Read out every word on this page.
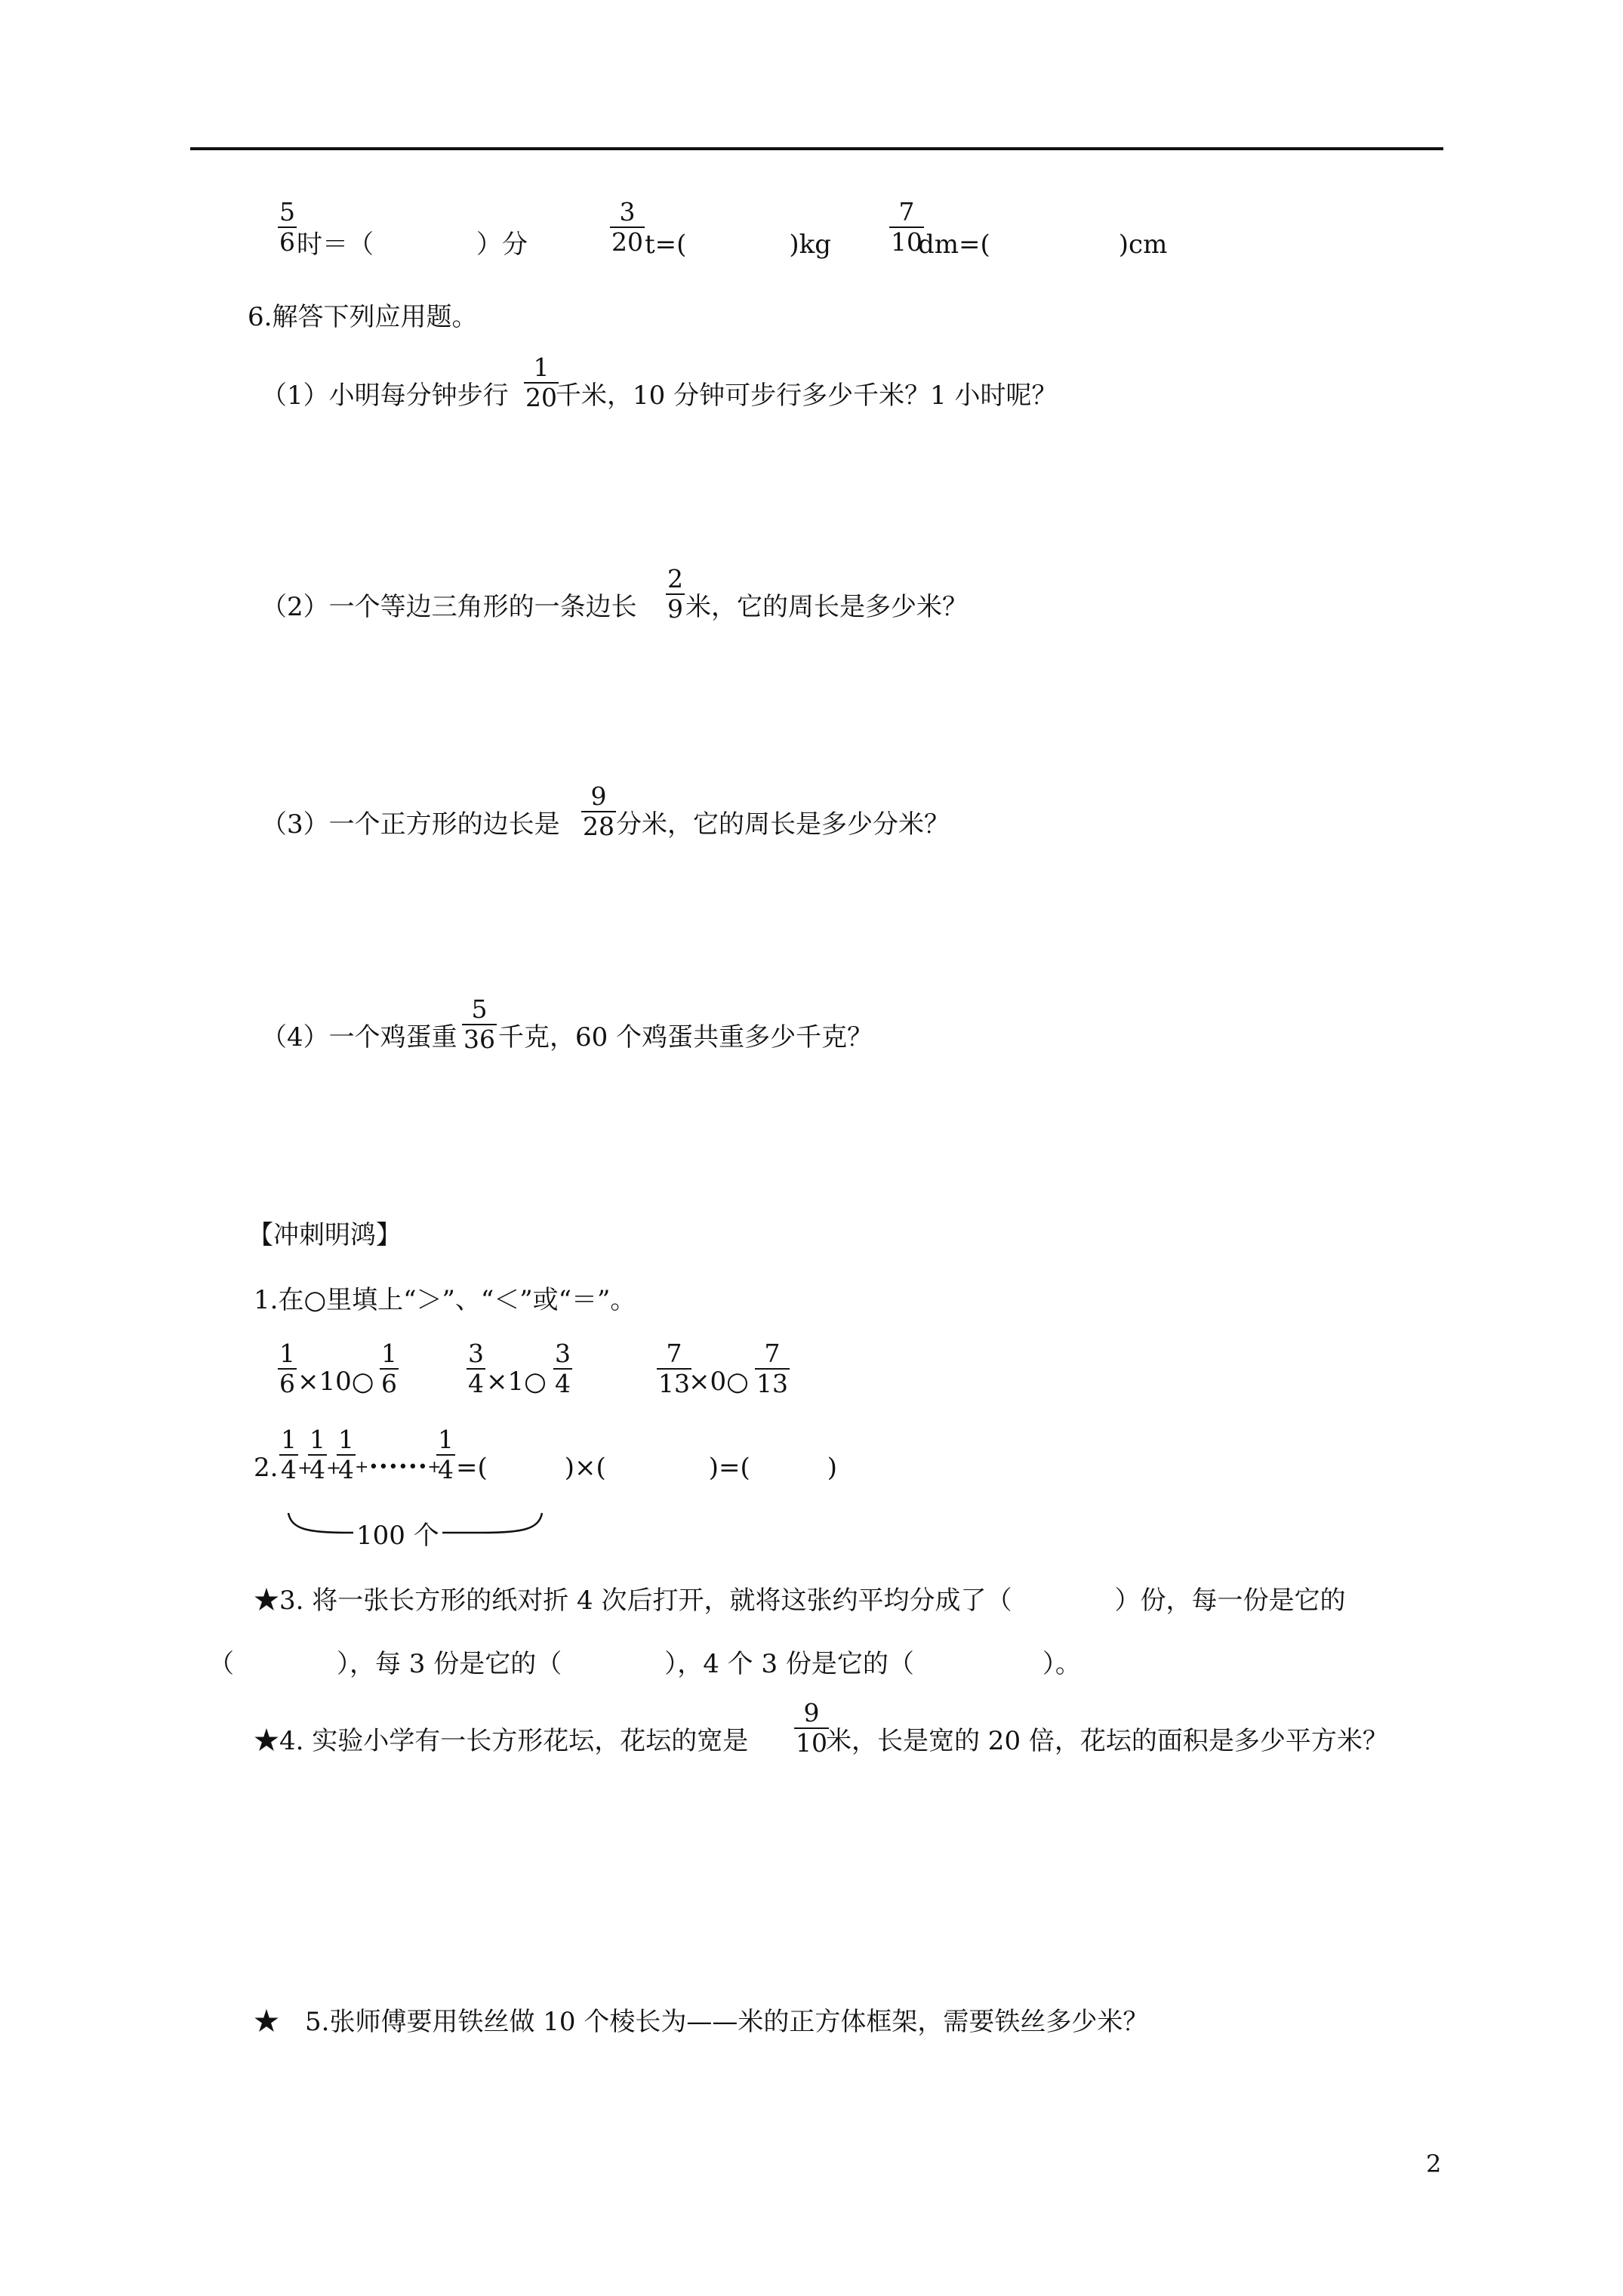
5
6 时＝（　　　　）分
3
20 t=(　　　　)kg
7
10
dm=(　　　　　)cm
6.解答下列应用题。
（1）小明每分钟步行
1
20
千米，10 分钟可步行多少千米？1 小时呢？
（2）一个等边三角形的一条边长
2
9 米，它的周长是多少米？
（3）一个正方形的边长是
9
28 分米，它的周长是多少分米？
（4）一个鸡蛋重
5
36 千克，60 个鸡蛋共重多少千克？
【冲刺明鸿】
1.在○里填上“＞”、“＜”或“＝”。
1
6 ×10○
1
6
3
4 ×1○
3
4
7
13
×0○
7
13
2.
1
4 +
1
4 +
1
4 +••••••+
1
4 =(　　　)×(　　　　)=(　　　)
100 个
★3. 将一张长方形的纸对折 4 次后打开，就将这张约平均分成了（　　　　）份，每一份是它的
（　　　　），每 3 份是它的（　　　　），4 个 3 份是它的（　　　　　）。
★4. 实验小学有一长方形花坛，花坛的宽是
9
10
米，长是宽的 20 倍，花坛的面积是多少平方米？
★　5.张师傅要用铁丝做 10 个棱长为——米的正方体框架，需要铁丝多少米？
2
